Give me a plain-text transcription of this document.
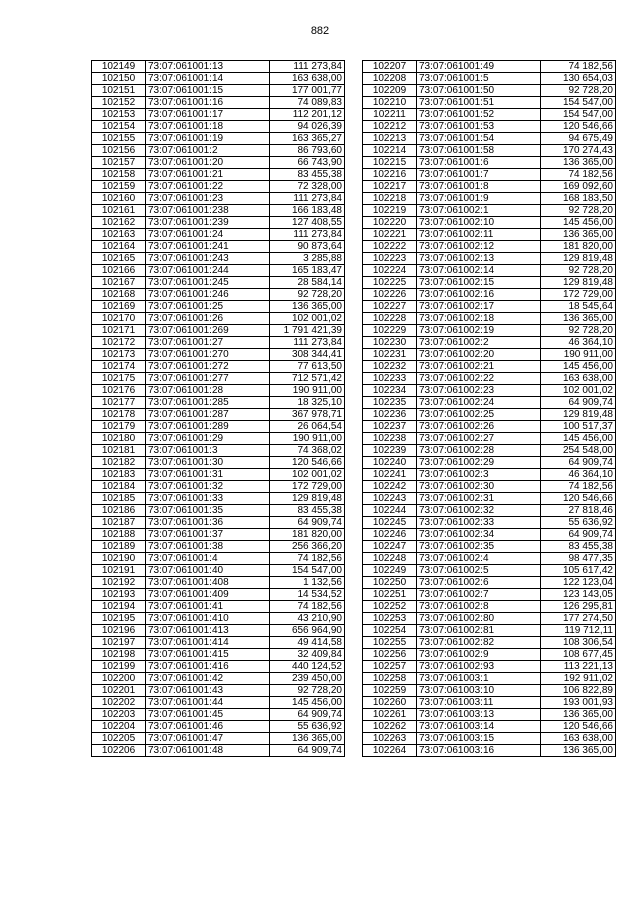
882
102149	73:07:061001:13	111 273,84
102150	73:07:061001:14	163 638,00
102151	73:07:061001:15	177 001,77
102152	73:07:061001:16	74 089,83
102153	73:07:061001:17	112 201,12
102154	73:07:061001:18	94 026,39
102155	73:07:061001:19	163 365,27
102156	73:07:061001:2	86 793,60
102157	73:07:061001:20	66 743,90
102158	73:07:061001:21	83 455,38
102159	73:07:061001:22	72 328,00
102160	73:07:061001:23	111 273,84
102161	73:07:061001:238	166 183,48
102162	73:07:061001:239	127 408,55
102163	73:07:061001:24	111 273,84
102164	73:07:061001:241	90 873,64
102165	73:07:061001:243	3 285,88
102166	73:07:061001:244	165 183,47
102167	73:07:061001:245	28 584,14
102168	73:07:061001:246	92 728,20
102169	73:07:061001:25	136 365,00
102170	73:07:061001:26	102 001,02
102171	73:07:061001:269	1 791 421,39
102172	73:07:061001:27	111 273,84
102173	73:07:061001:270	308 344,41
102174	73:07:061001:272	77 613,50
102175	73:07:061001:277	712 571,42
102176	73:07:061001:28	190 911,00
102177	73:07:061001:285	18 325,10
102178	73:07:061001:287	367 978,71
102179	73:07:061001:289	26 064,54
102180	73:07:061001:29	190 911,00
102181	73:07:061001:3	74 368,02
102182	73:07:061001:30	120 546,66
102183	73:07:061001:31	102 001,02
102184	73:07:061001:32	172 729,00
102185	73:07:061001:33	129 819,48
102186	73:07:061001:35	83 455,38
102187	73:07:061001:36	64 909,74
102188	73:07:061001:37	181 820,00
102189	73:07:061001:38	256 366,20
102190	73:07:061001:4	74 182,56
102191	73:07:061001:40	154 547,00
102192	73:07:061001:408	1 132,56
102193	73:07:061001:409	14 534,52
102194	73:07:061001:41	74 182,56
102195	73:07:061001:410	43 210,90
102196	73:07:061001:413	656 964,90
102197	73:07:061001:414	49 414,58
102198	73:07:061001:415	32 409,84
102199	73:07:061001:416	440 124,52
102200	73:07:061001:42	239 450,00
102201	73:07:061001:43	92 728,20
102202	73:07:061001:44	145 456,00
102203	73:07:061001:45	64 909,74
102204	73:07:061001:46	55 636,92
102205	73:07:061001:47	136 365,00
102206	73:07:061001:48	64 909,74
102207	73:07:061001:49	74 182,56
102208	73:07:061001:5	130 654,03
102209	73:07:061001:50	92 728,20
102210	73:07:061001:51	154 547,00
102211	73:07:061001:52	154 547,00
102212	73:07:061001:53	120 546,66
102213	73:07:061001:54	94 675,49
102214	73:07:061001:58	170 274,43
102215	73:07:061001:6	136 365,00
102216	73:07:061001:7	74 182,56
102217	73:07:061001:8	169 092,60
102218	73:07:061001:9	168 183,50
102219	73:07:061002:1	92 728,20
102220	73:07:061002:10	145 456,00
102221	73:07:061002:11	136 365,00
102222	73:07:061002:12	181 820,00
102223	73:07:061002:13	129 819,48
102224	73:07:061002:14	92 728,20
102225	73:07:061002:15	129 819,48
102226	73:07:061002:16	172 729,00
102227	73:07:061002:17	18 545,64
102228	73:07:061002:18	136 365,00
102229	73:07:061002:19	92 728,20
102230	73:07:061002:2	46 364,10
102231	73:07:061002:20	190 911,00
102232	73:07:061002:21	145 456,00
102233	73:07:061002:22	163 638,00
102234	73:07:061002:23	102 001,02
102235	73:07:061002:24	64 909,74
102236	73:07:061002:25	129 819,48
102237	73:07:061002:26	100 517,37
102238	73:07:061002:27	145 456,00
102239	73:07:061002:28	254 548,00
102240	73:07:061002:29	64 909,74
102241	73:07:061002:3	46 364,10
102242	73:07:061002:30	74 182,56
102243	73:07:061002:31	120 546,66
102244	73:07:061002:32	27 818,46
102245	73:07:061002:33	55 636,92
102246	73:07:061002:34	64 909,74
102247	73:07:061002:35	83 455,38
102248	73:07:061002:4	98 477,35
102249	73:07:061002:5	105 617,42
102250	73:07:061002:6	122 123,04
102251	73:07:061002:7	123 143,05
102252	73:07:061002:8	126 295,81
102253	73:07:061002:80	177 274,50
102254	73:07:061002:81	119 712,11
102255	73:07:061002:82	108 306,54
102256	73:07:061002:9	108 677,45
102257	73:07:061002:93	113 221,13
102258	73:07:061003:1	192 911,02
102259	73:07:061003:10	106 822,89
102260	73:07:061003:11	193 001,93
102261	73:07:061003:13	136 365,00
102262	73:07:061003:14	120 546,66
102263	73:07:061003:15	163 638,00
102264	73:07:061003:16	136 365,00
